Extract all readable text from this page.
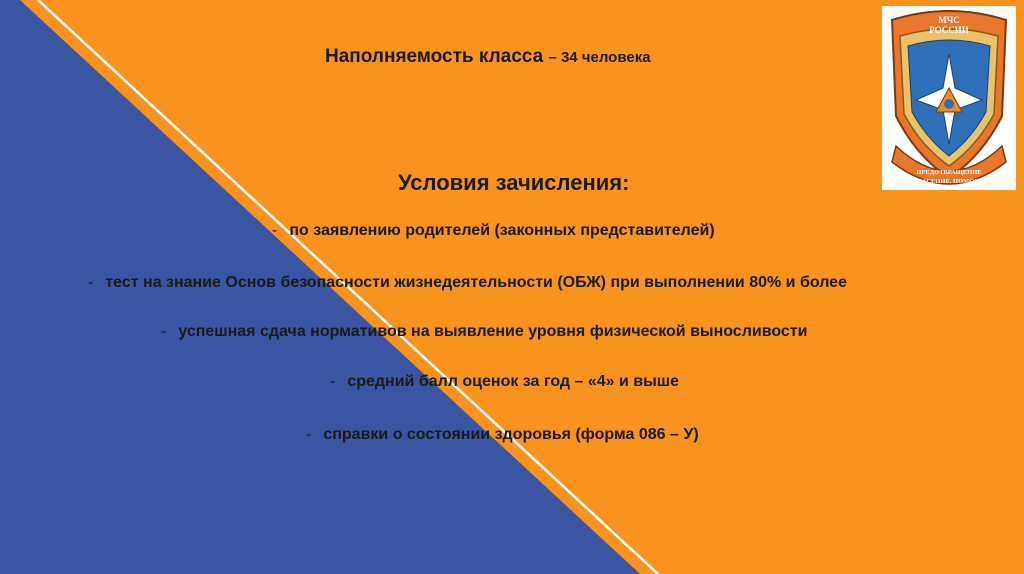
Наполняемость класса – 34 человека
Условия зачисления:
- по заявлению родителей (законных представителей)
- тест на знание Основ безопасности жизнедеятельности (ОБЖ) при выполнении 80% и более
- успешная сдача нормативов на выявление уровня физической выносливости
- средний балл оценок за год – «4» и выше
- справки о состоянии здоровья (форма 086 – У)
МЧС
РОССИИ
ПРЕДОТВРАЩЕНИЕ
СПАСЕНИЕ. ПОМОЩЬ
